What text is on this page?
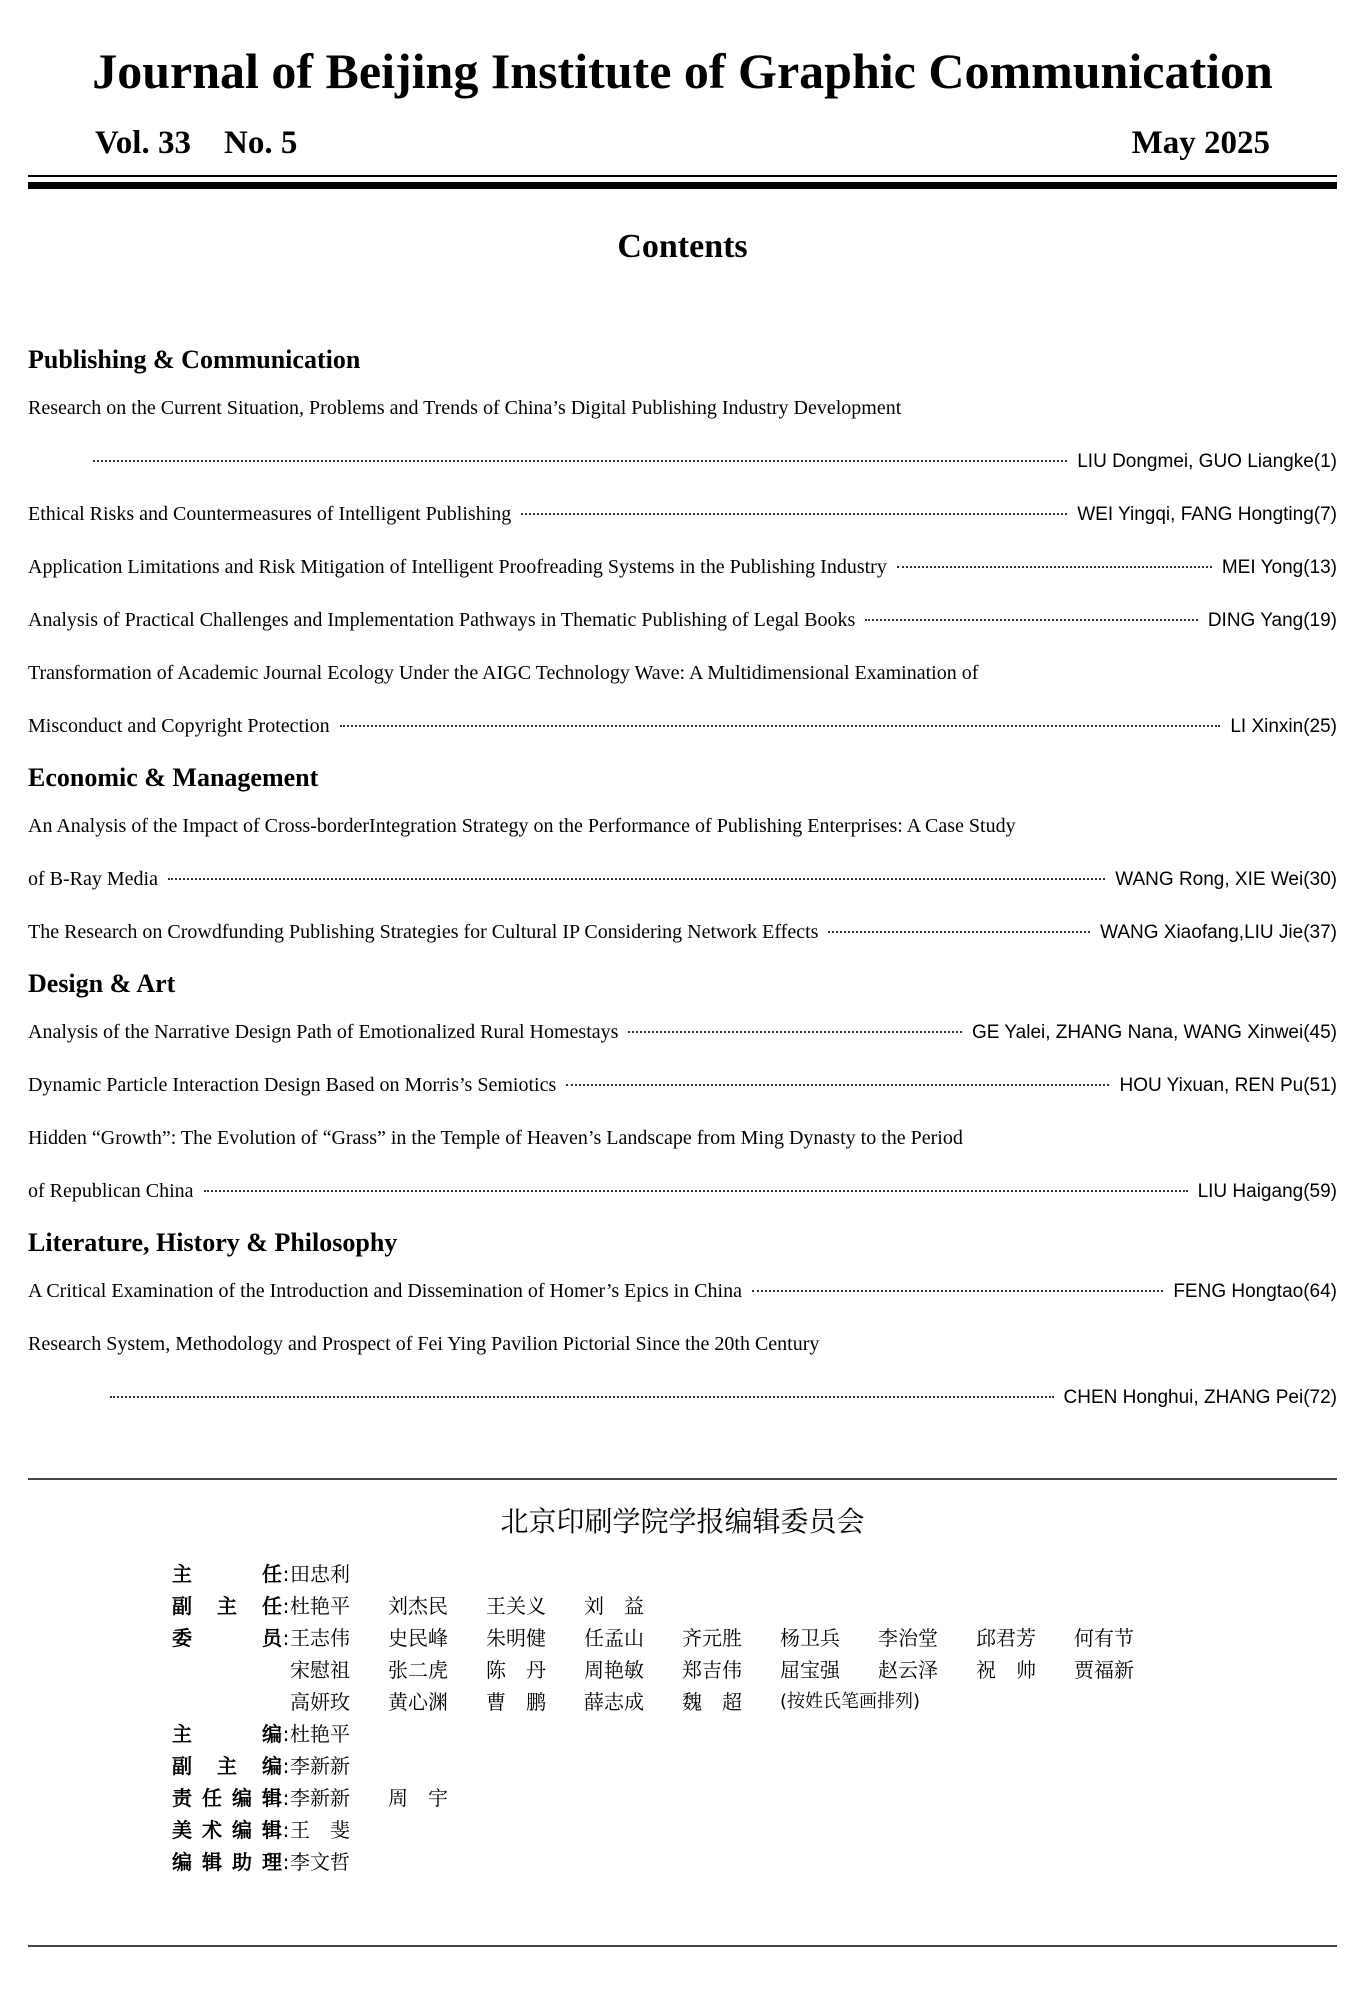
Journal of Beijing Institute of Graphic Communication
Vol. 33 No. 5	May 2025
Contents
Publishing & Communication
Research on the Current Situation, Problems and Trends of China’s Digital Publishing Industry Development
LIU Dongmei, GUO Liangke(1)
Ethical Risks and Countermeasures of Intelligent Publishing	WEI Yingqi, FANG Hongting(7)
Application Limitations and Risk Mitigation of Intelligent Proofreading Systems in the Publishing Industry	MEI Yong(13)
Analysis of Practical Challenges and Implementation Pathways in Thematic Publishing of Legal Books	DING Yang(19)
Transformation of Academic Journal Ecology Under the AIGC Technology Wave: A Multidimensional Examination of
Misconduct and Copyright Protection	LI Xinxin(25)
Economic & Management
An Analysis of the Impact of Cross-borderIntegration Strategy on the Performance of Publishing Enterprises: A Case Study
of B-Ray Media	WANG Rong, XIE Wei(30)
The Research on Crowdfunding Publishing Strategies for Cultural IP Considering Network Effects	WANG Xiaofang,LIU Jie(37)
Design & Art
Analysis of the Narrative Design Path of Emotionalized Rural Homestays	GE Yalei, ZHANG Nana, WANG Xinwei(45)
Dynamic Particle Interaction Design Based on Morris’s Semiotics	HOU Yixuan, REN Pu(51)
Hidden “Growth”: The Evolution of “Grass” in the Temple of Heaven’s Landscape from Ming Dynasty to the Period
of Republican China	LIU Haigang(59)
Literature, History & Philosophy
A Critical Examination of the Introduction and Dissemination of Homer’s Epics in China	FENG Hongtao(64)
Research System, Methodology and Prospect of Fei Ying Pavilion Pictorial Since the 20th Century
CHEN Honghui, ZHANG Pei(72)
北京印刷学院学报编辑委员会
主	任 : 田忠利
副 主 任 : 杜艳平	刘杰民	王关义	刘　益
委	员 : 王志伟	史民峰	朱明健	任孟山	齐元胜	杨卫兵	李治堂	邱君芳	何有节
宋慰祖	张二虎	陈　丹	周艳敏	郑吉伟	屈宝强	赵云泽	祝　帅	贾福新
高妍玫	黄心渊	曹　鹏	薛志成	魏　超	(按姓氏笔画排列)
主	编 : 杜艳平
副 主 编 : 李新新
责 任 编 辑 : 李新新	周　宇
美 术 编 辑 : 王　斐
编 辑 助 理 : 李文哲
